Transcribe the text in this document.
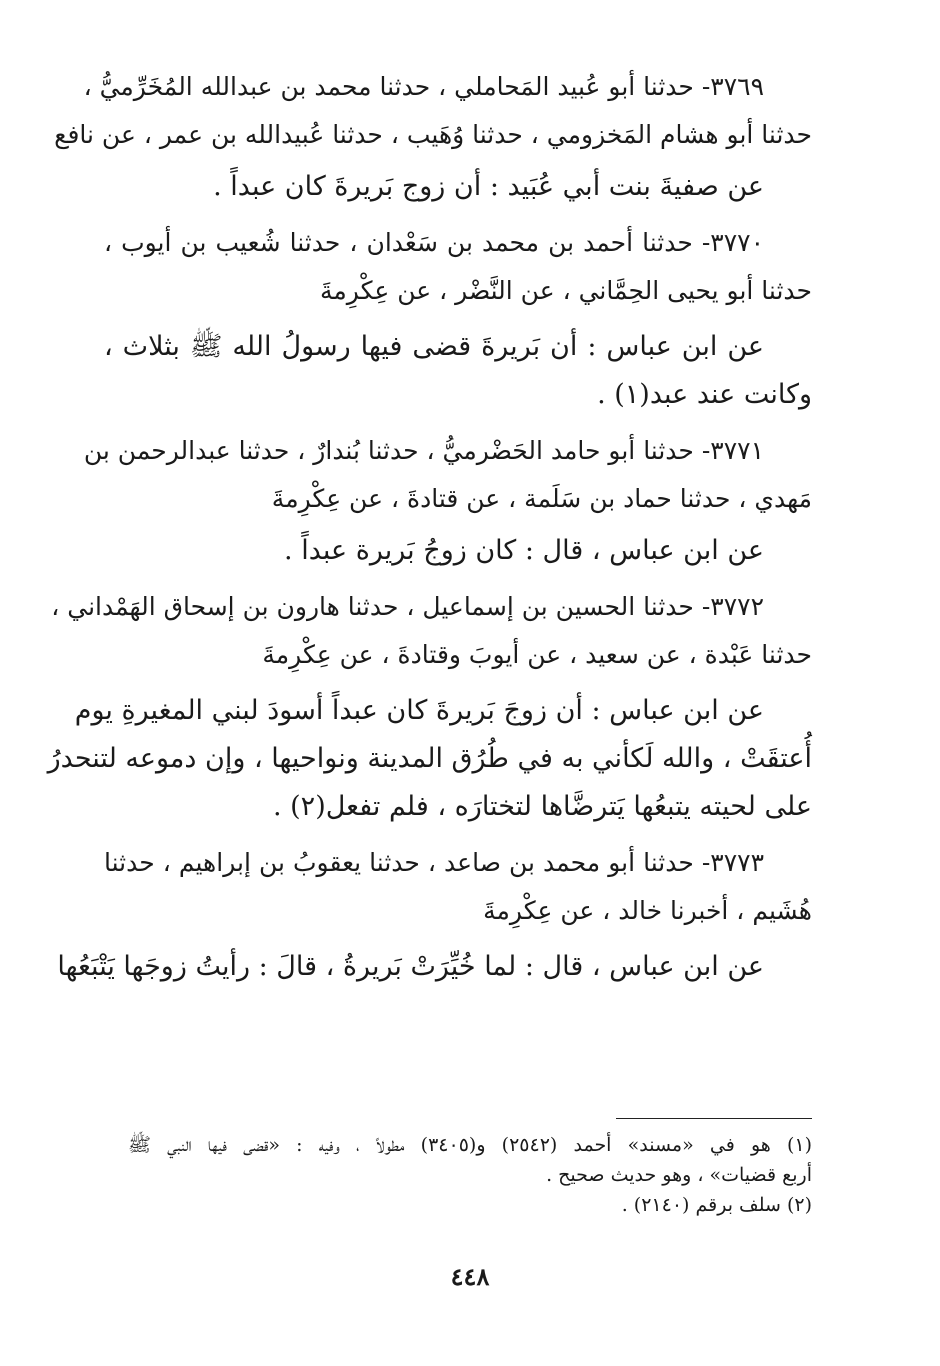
٣٧٦٩- حدثنا أبو عُبيد المَحاملي ، حدثنا محمد بن عبدالله المُخَرِّميُّ ،
حدثنا أبو هشام المَخزومي ، حدثنا وُهَيب ، حدثنا عُبيدالله بن عمر ، عن نافع
عن صفيةَ بنت أبي عُبَيد : أن زوج بَريرةَ كان عبداً .
٣٧٧٠- حدثنا أحمد بن محمد بن سَعْدان ، حدثنا شُعيب بن أيوب ،
حدثنا أبو يحيى الحِمَّاني ، عن النَّضْر ، عن عِكْرِمةَ
عن ابن عباس : أن بَريرةَ قضى فيها رسولُ الله ﷺ بثلاث ،
وكانت عند عبد(١) .
٣٧٧١- حدثنا أبو حامد الحَضْرميُّ ، حدثنا بُندارٌ ، حدثنا عبدالرحمن بن
مَهدي ، حدثنا حماد بن سَلَمة ، عن قتادةَ ، عن عِكْرِمةَ
عن ابن عباس ، قال : كان زوجُ بَريرة عبداً .
٣٧٧٢- حدثنا الحسين بن إسماعيل ، حدثنا هارون بن إسحاق الهَمْداني ،
حدثنا عَبْدة ، عن سعيد ، عن أيوبَ وقتادةَ ، عن عِكْرِمةَ
عن ابن عباس : أن زوجَ بَريرةَ كان عبداً أسودَ لبني المغيرةِ يوم
أُعتقَتْ ، والله لَكأني به في طُرُق المدينة ونواحيها ، وإن دموعه لتنحدرُ
على لحيته يتبعُها يَترضَّاها لتختارَه ، فلم تفعل(٢) .
٣٧٧٣- حدثنا أبو محمد بن صاعد ، حدثنا يعقوبُ بن إبراهيم ، حدثنا
هُشَيم ، أخبرنا خالد ، عن عِكْرِمةَ
عن ابن عباس ، قال : لما خُيِّرَتْ بَريرةُ ، قالَ : رأيتُ زوجَها يَتْبَعُها
(١) هو في «مسند» أحمد (٢٥٤٢) و(٣٤٠٥) مطولاً ، وفيه : «قضى فيها النبي ﷺ
أربع قضيات» ، وهو حديث صحيح .
(٢) سلف برقم (٢١٤٠) .
٤٤٨
